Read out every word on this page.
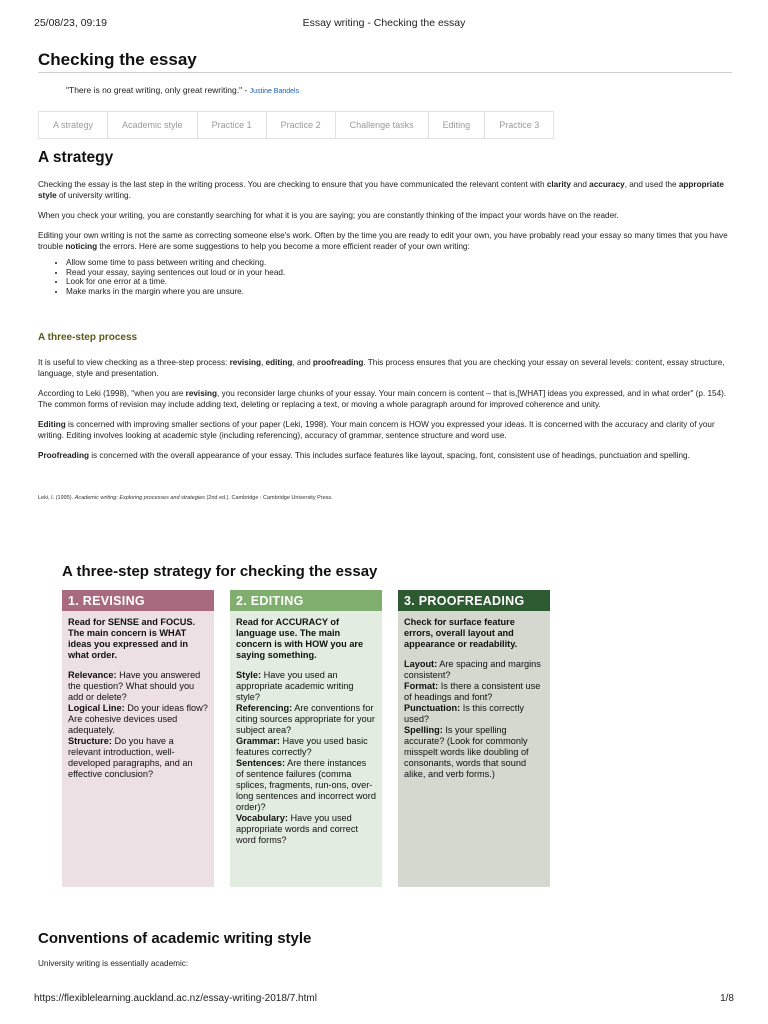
25/08/23, 09:19	Essay writing - Checking the essay
Checking the essay
"There is no great writing, only great rewriting." - Justine Bandels
A strategy	Academic style	Practice 1	Practice 2	Challenge tasks	Editing	Practice 3
A strategy

Checking the essay is the last step in the writing process. You are checking to ensure that you have communicated the relevant content with clarity and accuracy, and used the appropriate style of university writing.

When you check your writing, you are constantly searching for what it is you are saying; you are constantly thinking of the impact your words have on the reader.

Editing your own writing is not the same as correcting someone else's work. Often by the time you are ready to edit your own, you have probably read your essay so many times that you have trouble noticing the errors. Here are some suggestions to help you become a more efficient reader of your own writing:

• Allow some time to pass between writing and checking.
• Read your essay, saying sentences out loud or in your head.
• Look for one error at a time.
• Make marks in the margin where you are unsure.
A three-step process

It is useful to view checking as a three-step process: revising, editing, and proofreading. This process ensures that you are checking your essay on several levels: content, essay structure, language, style and presentation.

According to Leki (1998), "when you are revising, you reconsider large chunks of your essay. Your main concern is content – that is,[WHAT] ideas you expressed, and in what order" (p. 154). The common forms of revision may include adding text, deleting or replacing a text, or moving a whole paragraph around for improved coherence and unity.

Editing is concerned with improving smaller sections of your paper (Leki, 1998). Your main concern is HOW you expressed your ideas. It is concerned with the accuracy and clarity of your writing. Editing involves looking at academic style (including referencing), accuracy of grammar, sentence structure and word use.

Proofreading is concerned with the overall appearance of your essay. This includes surface features like layout, spacing, font, consistent use of headings, punctuation and spelling.

Leki, I. (1995). Academic writing: Exploring processes and strategies (2nd ed.). Cambridge : Cambridge University Press.

A three-step strategy for checking the essay
1. REVISING
Read for SENSE and FOCUS. The main concern is WHAT ideas you expressed and in what order.
Relevance: Have you answered the question? What should you add or delete?
Logical Line: Do your ideas flow? Are cohesive devices used adequately.
Structure: Do you have a relevant introduction, well-developed paragraphs, and an effective conclusion?
2. EDITING
Read for ACCURACY of language use. The main concern is with HOW you are saying something.
Style: Have you used an appropriate academic writing style?
Referencing: Are conventions for citing sources appropriate for your subject area?
Grammar: Have you used basic features correctly?
Sentences: Are there instances of sentence failures (comma splices, fragments, run-ons, over-long sentences and incorrect word order)?
Vocabulary: Have you used appropriate words and correct word forms?
3. PROOFREADING
Check for surface feature errors, overall layout and appearance or readability.
Layout: Are spacing and margins consistent?
Format: Is there a consistent use of headings and font?
Punctuation: Is this correctly used?
Spelling: Is your spelling accurate? (Look for commonly misspelt words like doubling of consonants, words that sound alike, and verb forms.)
Conventions of academic writing style

University writing is essentially academic:

https://flexiblelearning.auckland.ac.nz/essay-writing-2018/7.html	1/8
